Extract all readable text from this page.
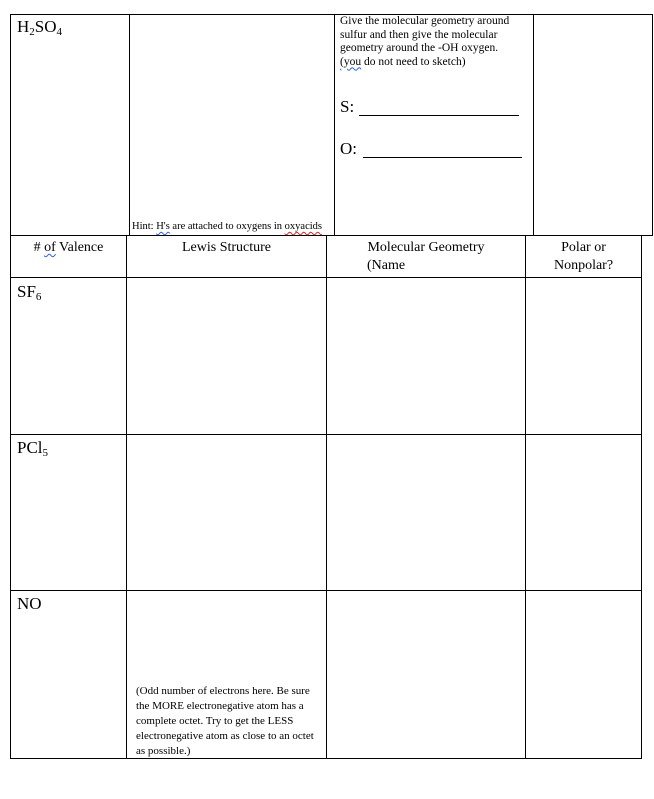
$H_2SO_4$
Hint: H's are attached to oxygens in oxyacids
Give the molecular geometry around
sulfur and then give the molecular
geometry around the -OH oxygen.
(you do not need to sketch)
S:
O:
# of Valence	Lewis Structure	Molecular Geometry
(Name
Polar or
Nonpolar?
$SF_6$
PCl$_5$
NO
(Odd number of electrons here. Be sure the MORE electronegative atom has a complete octet. Try to get the LESS electronegative atom as close to an octet as possible.)
